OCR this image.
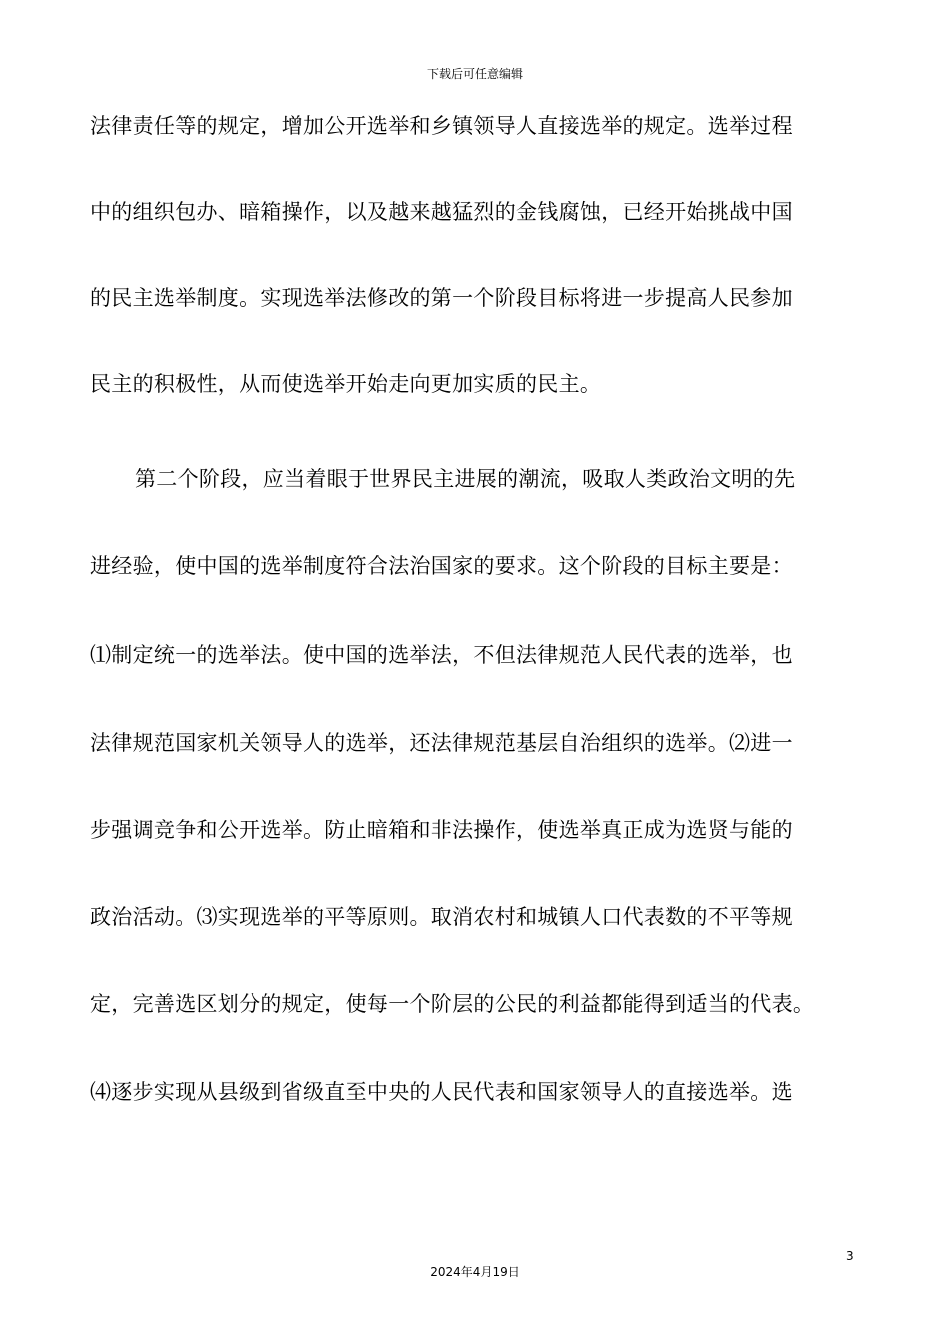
下载后可任意编辑
法律责任等的规定，增加公开选举和乡镇领导人直接选举的规定。选举过程
中的组织包办、暗箱操作，以及越来越猛烈的金钱腐蚀，已经开始挑战中国
的民主选举制度。实现选举法修改的第一个阶段目标将进一步提高人民参加
民主的积极性，从而使选举开始走向更加实质的民主。
第二个阶段，应当着眼于世界民主进展的潮流，吸取人类政治文明的先
进经验，使中国的选举制度符合法治国家的要求。这个阶段的目标主要是：
⑴制定统一的选举法。使中国的选举法，不但法律规范人民代表的选举，也
法律规范国家机关领导人的选举，还法律规范基层自治组织的选举。⑵进一
步强调竞争和公开选举。防止暗箱和非法操作，使选举真正成为选贤与能的
政治活动。⑶实现选举的平等原则。取消农村和城镇人口代表数的不平等规
定，完善选区划分的规定，使每一个阶层的公民的利益都能得到适当的代表。
⑷逐步实现从县级到省级直至中央的人民代表和国家领导人的直接选举。选
3
2024年4月19日
